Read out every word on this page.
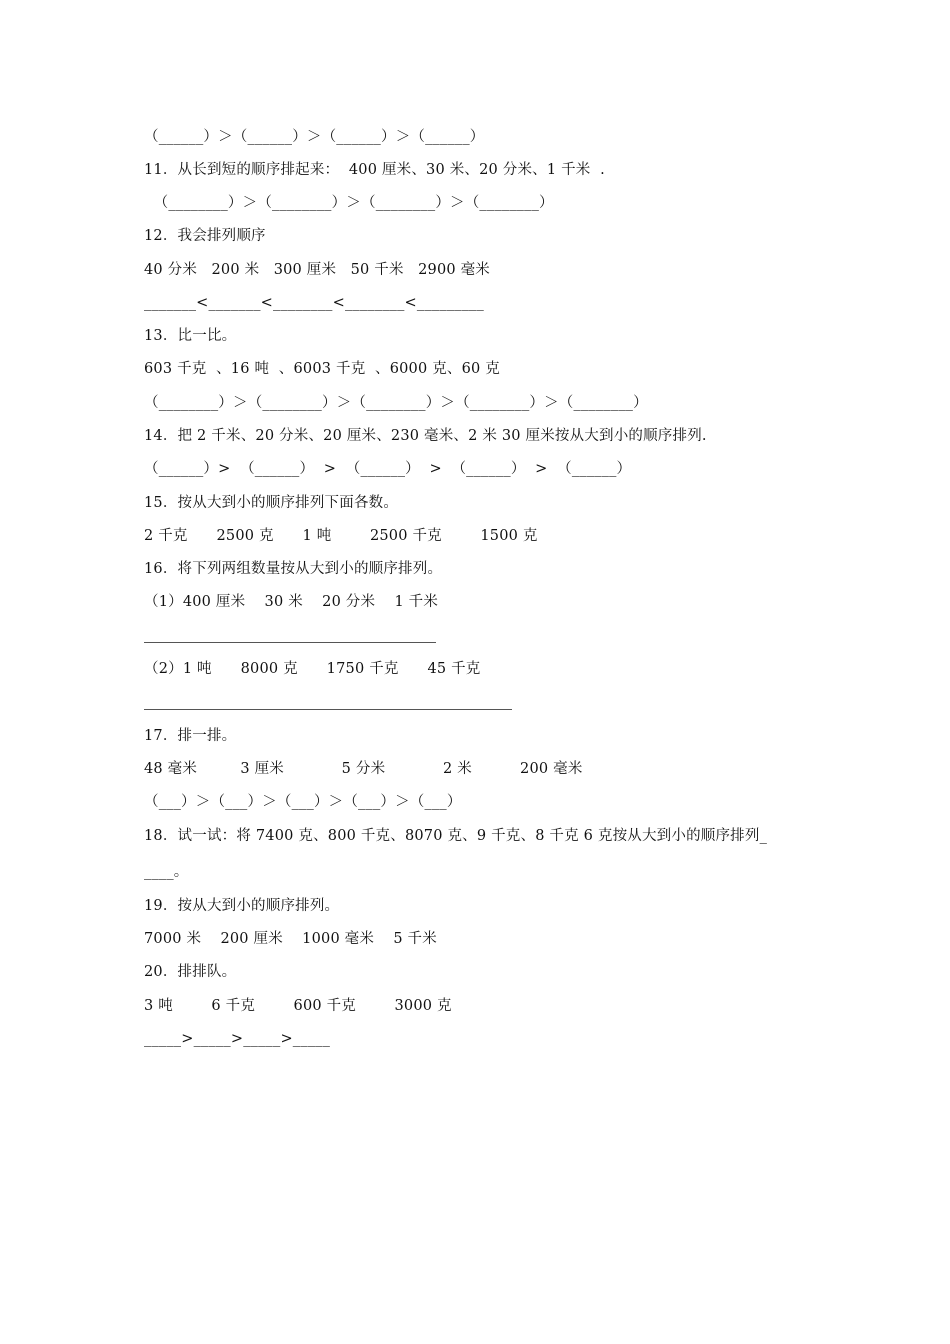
（______）＞（______）＞（______）＞（______）
11．从长到短的顺序排起来：  400 厘米、30 米、20 分米、1 千米  .
（________）＞（________）＞（________）＞（________）
12．我会排列顺序
40 分米   200 米   300 厘米   50 千米   2900 毫米
_______<_______<________<________<_________
13．比一比。
603 千克  、16 吨  、6003 千克  、6000 克、60 克
（________）＞（________）＞（________）＞（________）＞（________）
14．把 2 千米、20 分米、20 厘米、230 毫米、2 米 30 厘米按从大到小的顺序排列.
（______）>  （______）  >  （______）  >  （______）  >  （______）
15．按从大到小的顺序排列下面各数。
2 千克      2500 克      1 吨        2500 千克        1500 克
16．将下列两组数量按从大到小的顺序排列。
（1）400 厘米    30 米    20 分米    1 千米
（2）1 吨      8000 克      1750 千克      45 千克
17．排一排。
48 毫米         3 厘米            5 分米            2 米          200 毫米
（___）＞（___）＞（___）＞（___）＞（___）
18．试一试：将 7400 克、800 千克、8070 克、9 千克、8 千克 6 克按从大到小的顺序排列_
____。
19．按从大到小的顺序排列。
7000 米    200 厘米    1000 毫米    5 千米
20．排排队。
3 吨        6 千克        600 千克        3000 克
_____>_____>_____>_____
